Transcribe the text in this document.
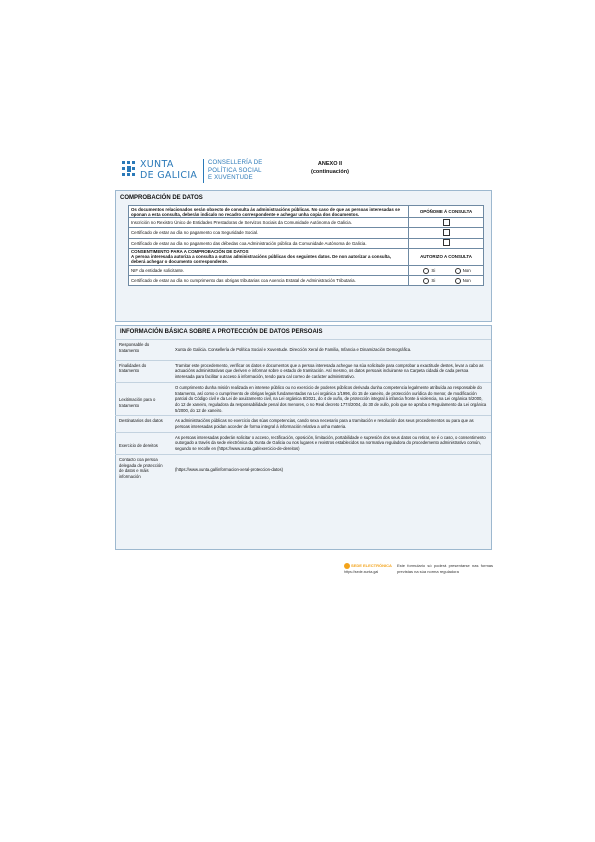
XUNTA
DE GALICIA
CONSELLERÍA DE
POLÍTICA SOCIAL
E XUVENTUDE
ANEXO II
(continuación)
COMPROBACIÓN DE DATOS
Os documentos relacionados serán obxecto de consulta ás administracións públicas. No caso de que as persoas interesadas se oponan a esta consulta, deberán indicalo no recadro correspondente e achegar unha copia dos documentos.	OPÓÑOME Á CONSULTA
Inscrición no Rexistro Único de Entidades Prestadoras de Servizos Sociais da Comunidade Autónoma de Galicia.	
Certificado de estar ao día no pagamento coa Seguridade Social.	
Certificado de estar ao día no pagamento das débedas coa Administración pública da Comunidade Autónoma de Galicia.	
CONSENTIMENTO PARA A COMPROBACIÓN DE DATOS
A persoa interesada autoriza a consulta a outras administracións públicas dos seguintes datos. De non autorizar a consulta, deberá achegar o documento correspondente.	AUTORIZO A CONSULTA
NIF da entidade solicitante.	Si Non
Certificado de estar ao día no cumprimento das obrigas tributarias coa Axencia Estatal de Administración Tributaria.	Si Non
INFORMACIÓN BÁSICA SOBRE A PROTECCIÓN DE DATOS PERSOAIS
Responsable do tratamento	Xunta de Galicia. Consellería de Política Social e Xuventude. Dirección Xeral de Familia, Infancia e Dinamización Demográfica.
Finalidades do tratamento	Tramitar este procedemento, verificar os datos e documentos que a persoa interesada achegue na súa solicitude para comprobar a exactitude destes, levar a cabo as actuacións administrativas que deriven e informar sobre o estado de tramitación. Así mesmo, os datos persoais incluiranse na Carpeta cidadá de cada persoa interesada para facilitar o acceso á información, tendo para cal correo de carácter administrativo.
Lexitimación para o tratamento	O cumprimento dunha misión realizada en interese público ou no exercicio de poderes públicos derivada dunha competencia legalmente atribuída ao responsable do tratamento, así como o cumprimento de obrigas legais fundamentadas na Lei orgánica 1/1996, do 15 de xaneiro, de protección xurídica do menor, de modificación parcial do Código civil e da Lei de axuizamento civil, na Lei orgánica 8/2021, do 4 de xuño, de protección integral á infancia fronte á violencia, na Lei orgánica 5/2000, do 12 de xaneiro, reguladora da responsabilidade penal dos menores, o no Real decreto 1774/2004, do 30 de xullo, polo que se aproba o Regulamento da Lei orgánica 5/2000, do 12 de xaneiro.
Destinatarios dos datos	As administracións públicas no exercicio das súas competencias, cando sexa necesario para a tramitación e resolución dos seus procedementos ou para que as persoas interesadas poidan acceder de forma integral á información relativa a unha materia.
Exercicio de dereitos	As persoas interesadas poderán solicitar o acceso, rectificación, oposición, limitación, portabilidade e supresión dos seus datos ou retirar, se é o caso, o consentimento outorgado a través da sede electrónica da Xunta de Galicia ou nos lugares e rexistros establecidos na normativa reguladora do procedemento administrativo común, segundo se recolle en (https://www.xunta.gal/exercicio-de-dereitos)
Contacto coa persoa delegada de protección de datos e máis información	(https://www.xunta.gal/informacion-xeral-proteccion-datos)
SEDE ELECTRÓNICA
https://sede.xunta.gal
Este formulario só poderá presentarse nas formas previstas na súa norma reguladora
